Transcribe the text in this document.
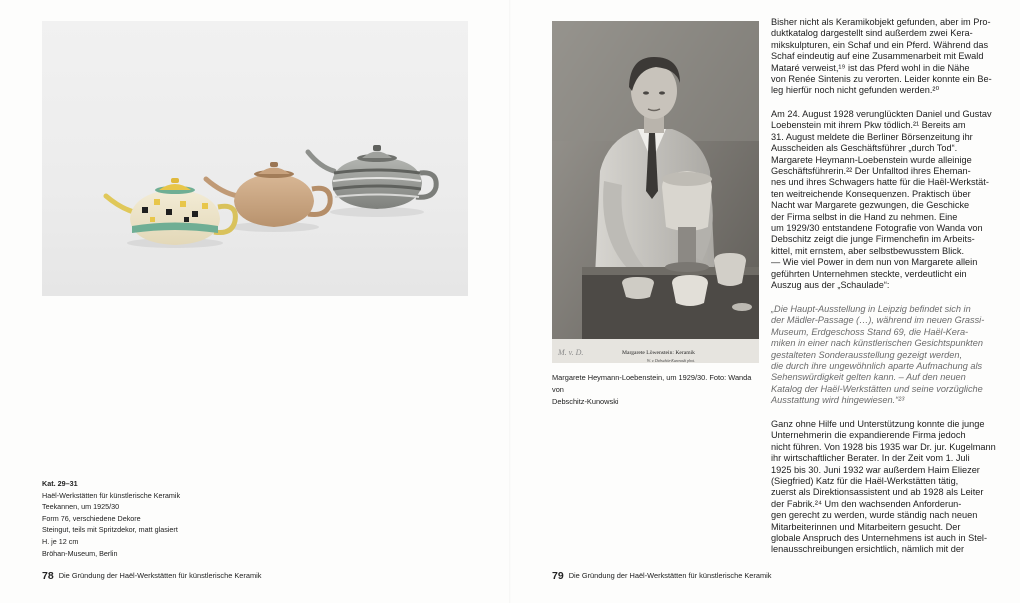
Kat. 29–31
Haël-Werkstätten für künstlerische Keramik
Teekannen, um 1925/30
Form 76, verschiedene Dekore
Steingut, teils mit Spritzdekor, matt glasiert
H. je 12 cm
Bröhan-Museum, Berlin
78 Die Gründung der Haël-Werkstätten für künstlerische Keramik
M. v. D.	Margarete Löwenstein: Keramik
W. v. Debschitz-Kunowski phot.
Margarete Heymann-Loebenstein, um 1929/30. Foto: Wanda von
Debschitz-Kunowski
Bisher nicht als Keramikobjekt gefunden, aber im Pro-
duktkatalog dargestellt sind außerdem zwei Kera-
mikskulpturen, ein Schaf und ein Pferd. Während das
Schaf eindeutig auf eine Zusammenarbeit mit Ewald
Mataré verweist,¹⁹ ist das Pferd wohl in die Nähe
von Renée Sintenis zu verorten. Leider konnte ein Be-
leg hierfür noch nicht gefunden werden.²⁰
Am 24. August 1928 verunglückten Daniel und Gustav
Loebenstein mit ihrem Pkw tödlich.²¹ Bereits am
31. August meldete die Berliner Börsenzeitung ihr
Ausscheiden als Geschäftsführer „durch Tod“.
Margarete Heymann-Loebenstein wurde alleinige
Geschäftsführerin.²² Der Unfalltod ihres Eheman-
nes und ihres Schwagers hatte für die Haël-Werkstät-
ten weitreichende Konsequenzen. Praktisch über
Nacht war Margarete gezwungen, die Geschicke
der Firma selbst in die Hand zu nehmen. Eine
um 1929/30 entstandene Fotografie von Wanda von
Debschitz zeigt die junge Firmenchefin im Arbeits-
kittel, mit ernstem, aber selbstbewusstem Blick.
— Wie viel Power in dem nun von Margarete allein
geführten Unternehmen steckte, verdeutlicht ein
Auszug aus der „Schaulade“:
„Die Haupt-Ausstellung in Leipzig befindet sich in
der Mädler-Passage (…), während im neuen Grassi-
Museum, Erdgeschoss Stand 69, die Haël-Kera-
miken in einer nach künstlerischen Gesichtspunkten
gestalteten Sonderausstellung gezeigt werden,
die durch ihre ungewöhnlich aparte Aufmachung als
Sehenswürdigkeit gelten kann. – Auf den neuen
Katalog der Haël-Werkstätten und seine vorzügliche
Ausstattung wird hingewiesen.“²³
Ganz ohne Hilfe und Unterstützung konnte die junge
Unternehmerin die expandierende Firma jedoch
nicht führen. Von 1928 bis 1935 war Dr. jur. Kugelmann
ihr wirtschaftlicher Berater. In der Zeit vom 1. Juli
1925 bis 30. Juni 1932 war außerdem Haim Eliezer
(Siegfried) Katz für die Haël-Werkstätten tätig,
zuerst als Direktionsassistent und ab 1928 als Leiter
der Fabrik.²⁴ Um den wachsenden Anforderun-
gen gerecht zu werden, wurde ständig nach neuen
Mitarbeiterinnen und Mitarbeitern gesucht. Der
globale Anspruch des Unternehmens ist auch in Stel-
lenausschreibungen ersichtlich, nämlich mit der
79 Die Gründung der Haël-Werkstätten für künstlerische Keramik
